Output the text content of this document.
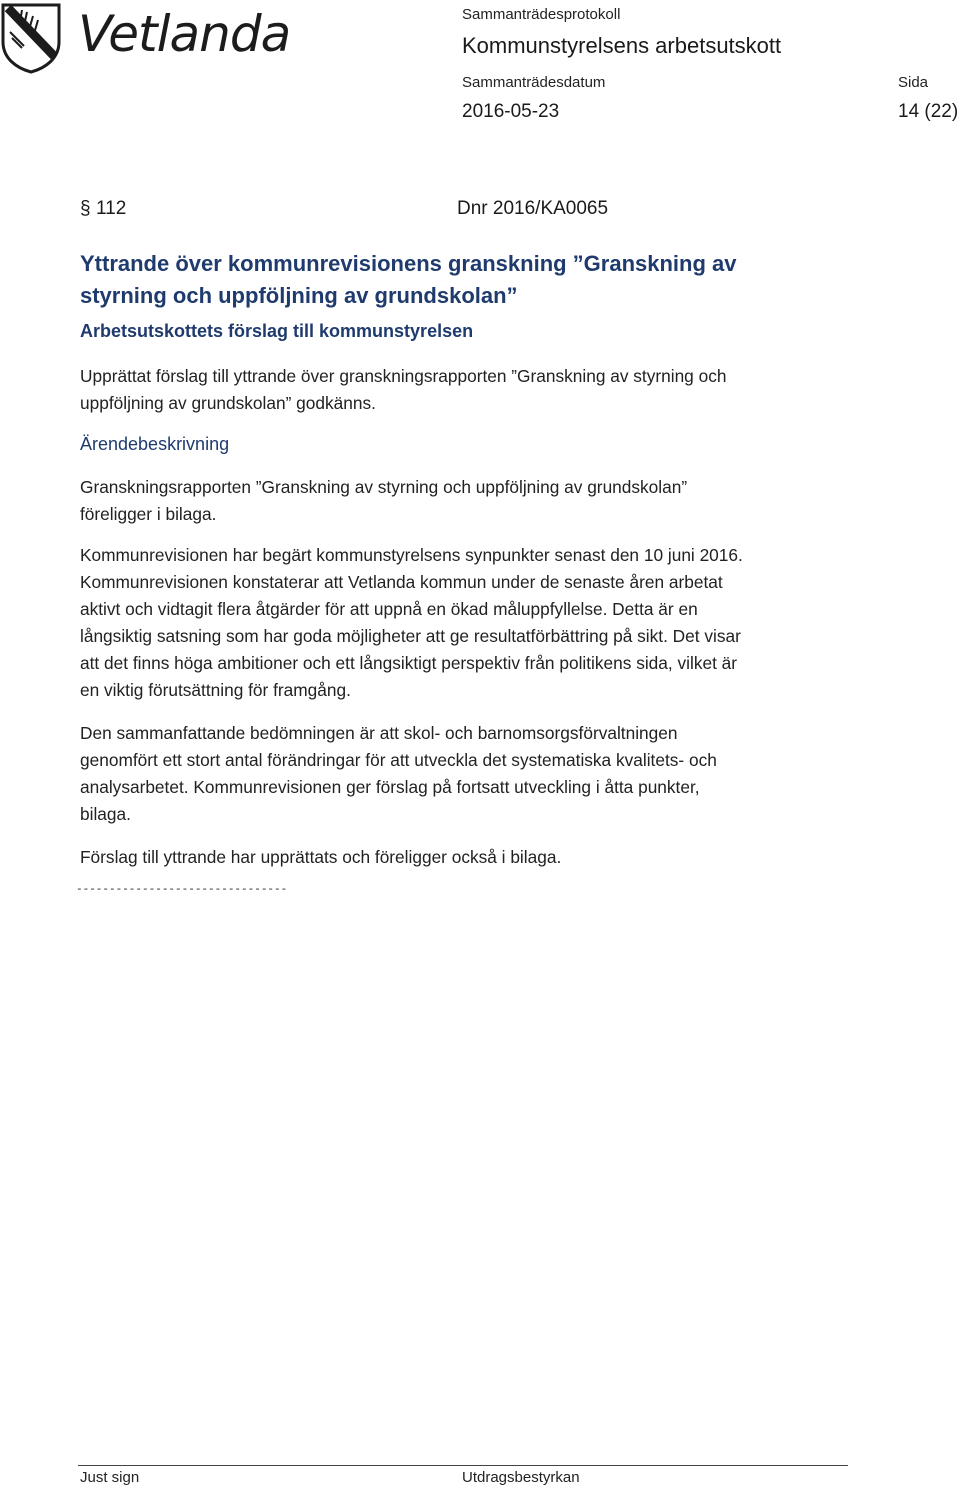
Vetlanda	Sammanträdesprotokoll
Kommunstyrelsens arbetsutskott
Sammanträdesdatum
2016-05-23
Sida
14 (22)
§ 112	Dnr 2016/KA0065
Yttrande över kommunrevisionens granskning ”Granskning av
styrning och uppföljning av grundskolan”
Arbetsutskottets förslag till kommunstyrelsen
Upprättat förslag till yttrande över granskningsrapporten ”Granskning av styrning och
uppföljning av grundskolan” godkänns.
Ärendebeskrivning
Granskningsrapporten ”Granskning av styrning och uppföljning av grundskolan”
föreligger i bilaga.
Kommunrevisionen har begärt kommunstyrelsens synpunkter senast den 10 juni 2016.
Kommunrevisionen konstaterar att Vetlanda kommun under de senaste åren arbetat
aktivt och vidtagit flera åtgärder för att uppnå en ökad måluppfyllelse. Detta är en
långsiktig satsning som har goda möjligheter att ge resultatförbättring på sikt. Det visar
att det finns höga ambitioner och ett långsiktigt perspektiv från politikens sida, vilket är
en viktig förutsättning för framgång.
Den sammanfattande bedömningen är att skol- och barnomsorgsförvaltningen
genomfört ett stort antal förändringar för att utveckla det systematiska kvalitets- och
analysarbetet. Kommunrevisionen ger förslag på fortsatt utveckling i åtta punkter,
bilaga.
Förslag till yttrande har upprättats och föreligger också i bilaga.
--------------------------------
Just sign	Utdragsbestyrkan
